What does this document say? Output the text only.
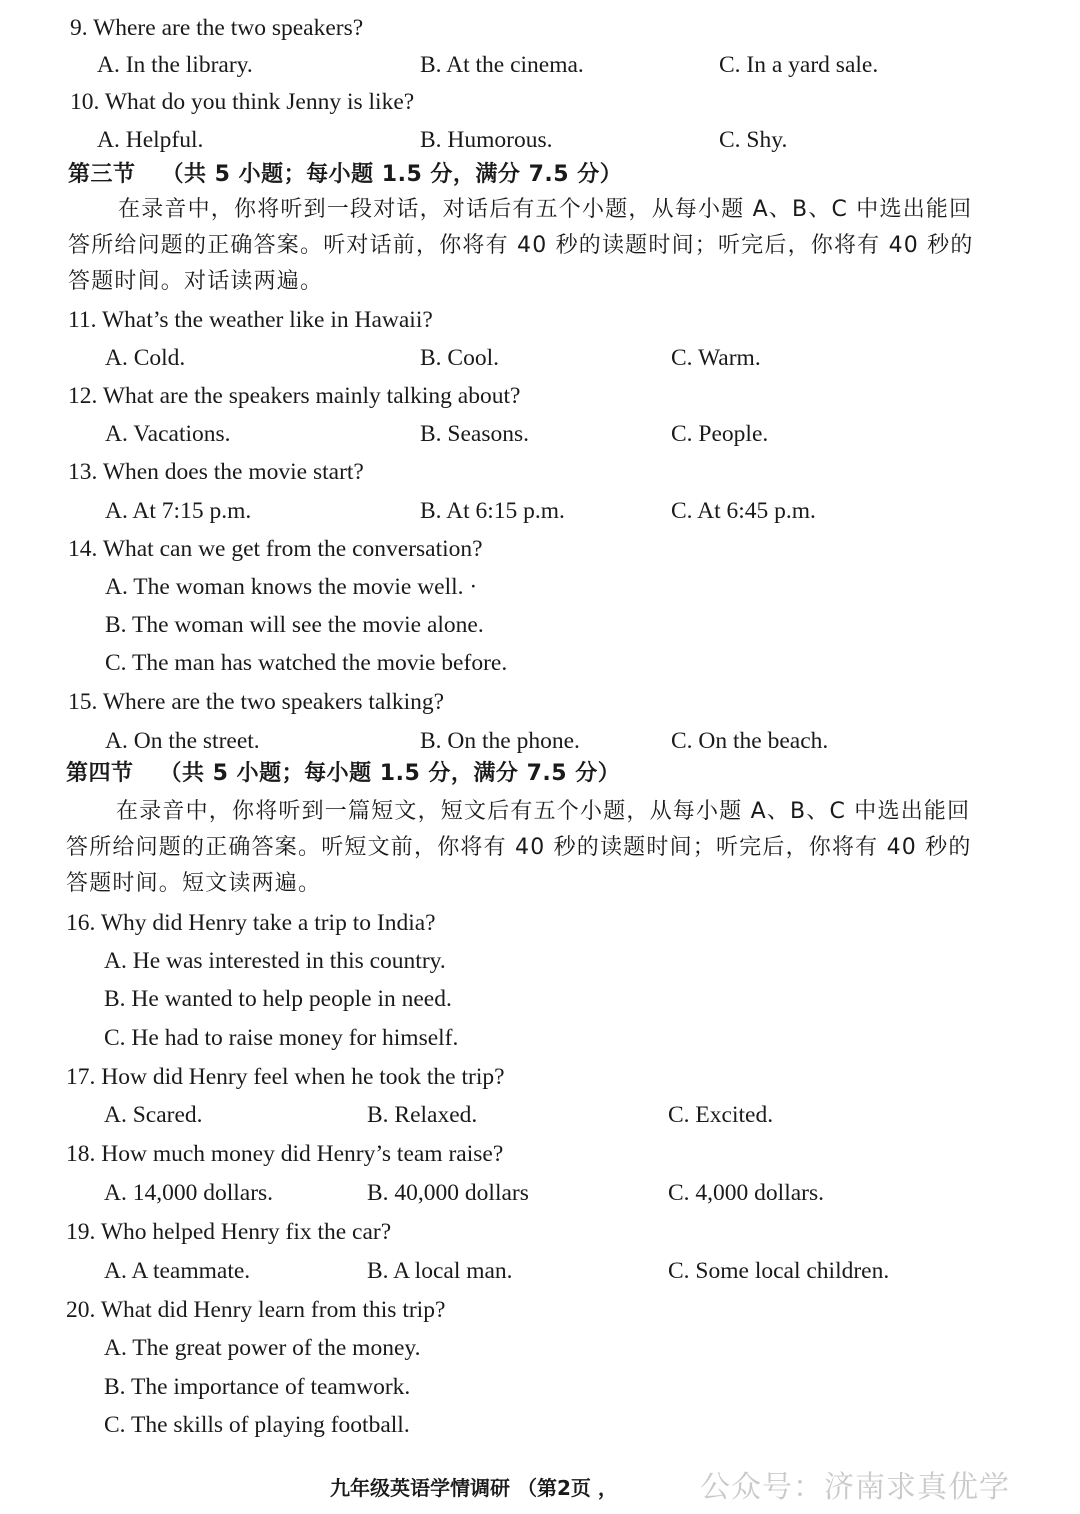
9. Where are the two speakers?
A. In the library.	B. At the cinema.	C. In a yard sale.
10. What do you think Jenny is like?
A. Helpful.	B. Humorous.	C. Shy.
第三节 （共 5 小题；每小题 1.5 分，满分 7.5 分）
在录音中，你将听到一段对话，对话后有五个小题，从每小题 A、B、C 中选出能回
答所给问题的正确答案。听对话前，你将有 40 秒的读题时间；听完后，你将有 40 秒的
答题时间。对话读两遍。
11. What’s the weather like in Hawaii?
A. Cold.	B. Cool.	C. Warm.
12. What are the speakers mainly talking about?
A. Vacations.	B. Seasons.	C. People.
13. When does the movie start?
A. At 7:15 p.m.	B. At 6:15 p.m.	C. At 6:45 p.m.
14. What can we get from the conversation?
A. The woman knows the movie well. ·
B. The woman will see the movie alone.
C. The man has watched the movie before.
15. Where are the two speakers talking?
A. On the street.	B. On the phone.	C. On the beach.
第四节 （共 5 小题；每小题 1.5 分，满分 7.5 分）
在录音中，你将听到一篇短文，短文后有五个小题，从每小题 A、B、C 中选出能回
答所给问题的正确答案。听短文前，你将有 40 秒的读题时间；听完后，你将有 40 秒的
答题时间。短文读两遍。
16. Why did Henry take a trip to India?
A. He was interested in this country.
B. He wanted to help people in need.
C. He had to raise money for himself.
17. How did Henry feel when he took the trip?
A. Scared.	B. Relaxed.	C. Excited.
18. How much money did Henry’s team raise?
A. 14,000 dollars.	B. 40,000 dollars	C. 4,000 dollars.
19. Who helped Henry fix the car?
A. A teammate.	B. A local man.	C. Some local children.
20. What did Henry learn from this trip?
A. The great power of the money.
B. The importance of teamwork.
C. The skills of playing football.
九年级英语学情调研 （第2页 ，	公众号：济南求真优学
